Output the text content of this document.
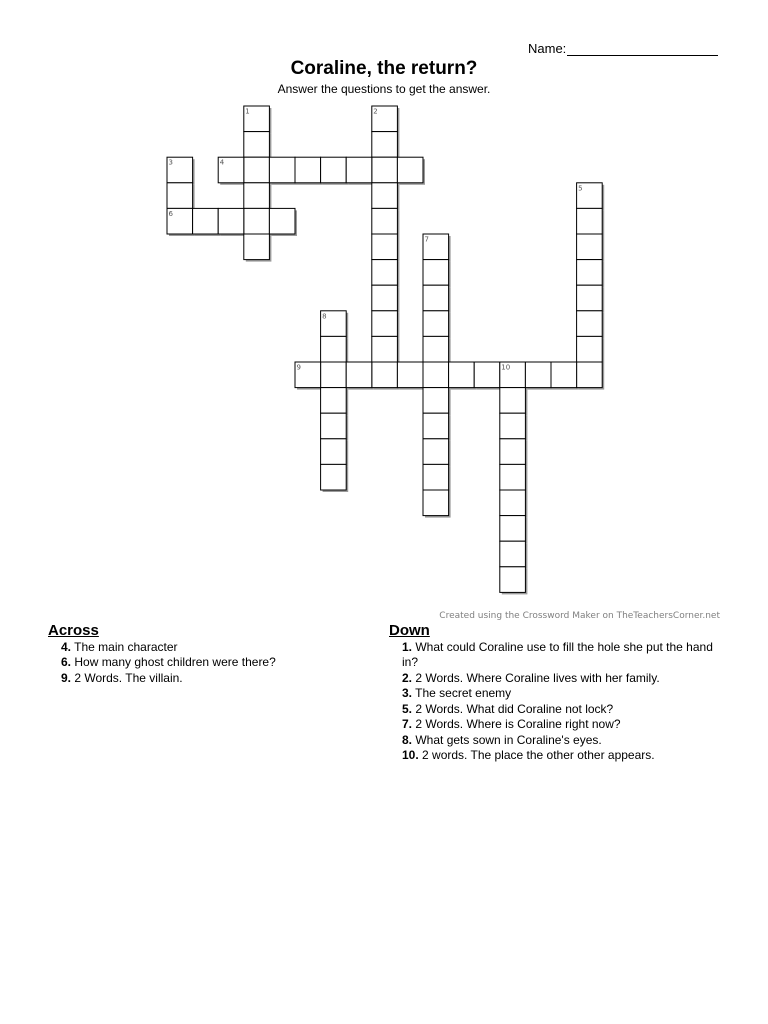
Name:
Coraline, the return?
Answer the questions to get the answer.
1	2
3
6
4
5
7
8
9	10
Created using the Crossword Maker on TheTeachersCorner.net
Across
4. The main character
6. How many ghost children were there?
9. 2 Words. The villain.
Down
1. What could Coraline use to fill the hole she put the hand in?
2. 2 Words. Where Coraline lives with her family.
3. The secret enemy
5. 2 Words. What did Coraline not lock?
7. 2 Words. Where is Coraline right now?
8. What gets sown in Coraline's eyes.
10. 2 words. The place the other other appears.
